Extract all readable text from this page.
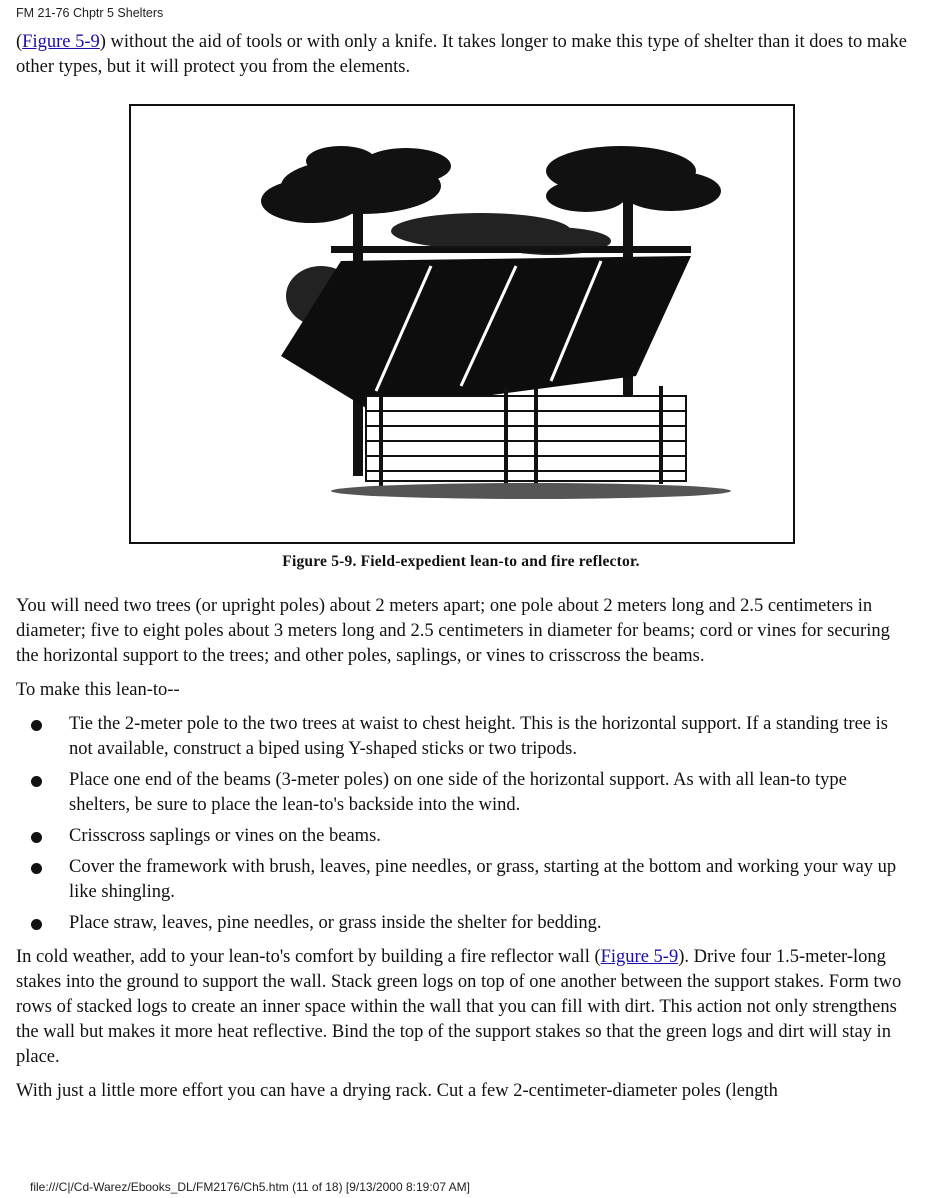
FM 21-76 Chptr 5 Shelters

(Figure 5-9) without the aid of tools or with only a knife. It takes longer to make this type of shelter than it does to make other types, but it will protect you from the elements.

Figure 5-9. Field-expedient lean-to and fire reflector.

You will need two trees (or upright poles) about 2 meters apart; one pole about 2 meters long and 2.5 centimeters in diameter; five to eight poles about 3 meters long and 2.5 centimeters in diameter for beams; cord or vines for securing the horizontal support to the trees; and other poles, saplings, or vines to crisscross the beams.

To make this lean-to--

Tie the 2-meter pole to the two trees at waist to chest height. This is the horizontal support. If a standing tree is not available, construct a biped using Y-shaped sticks or two tripods.
Place one end of the beams (3-meter poles) on one side of the horizontal support. As with all lean-to type shelters, be sure to place the lean-to's backside into the wind.
Crisscross saplings or vines on the beams.
Cover the framework with brush, leaves, pine needles, or grass, starting at the bottom and working your way up like shingling.
Place straw, leaves, pine needles, or grass inside the shelter for bedding.

In cold weather, add to your lean-to's comfort by building a fire reflector wall (Figure 5-9). Drive four 1.5-meter-long stakes into the ground to support the wall. Stack green logs on top of one another between the support stakes. Form two rows of stacked logs to create an inner space within the wall that you can fill with dirt. This action not only strengthens the wall but makes it more heat reflective. Bind the top of the support stakes so that the green logs and dirt will stay in place.

With just a little more effort you can have a drying rack. Cut a few 2-centimeter-diameter poles (length

file:///C|/Cd-Warez/Ebooks_DL/FM2176/Ch5.htm (11 of 18) [9/13/2000 8:19:07 AM]
